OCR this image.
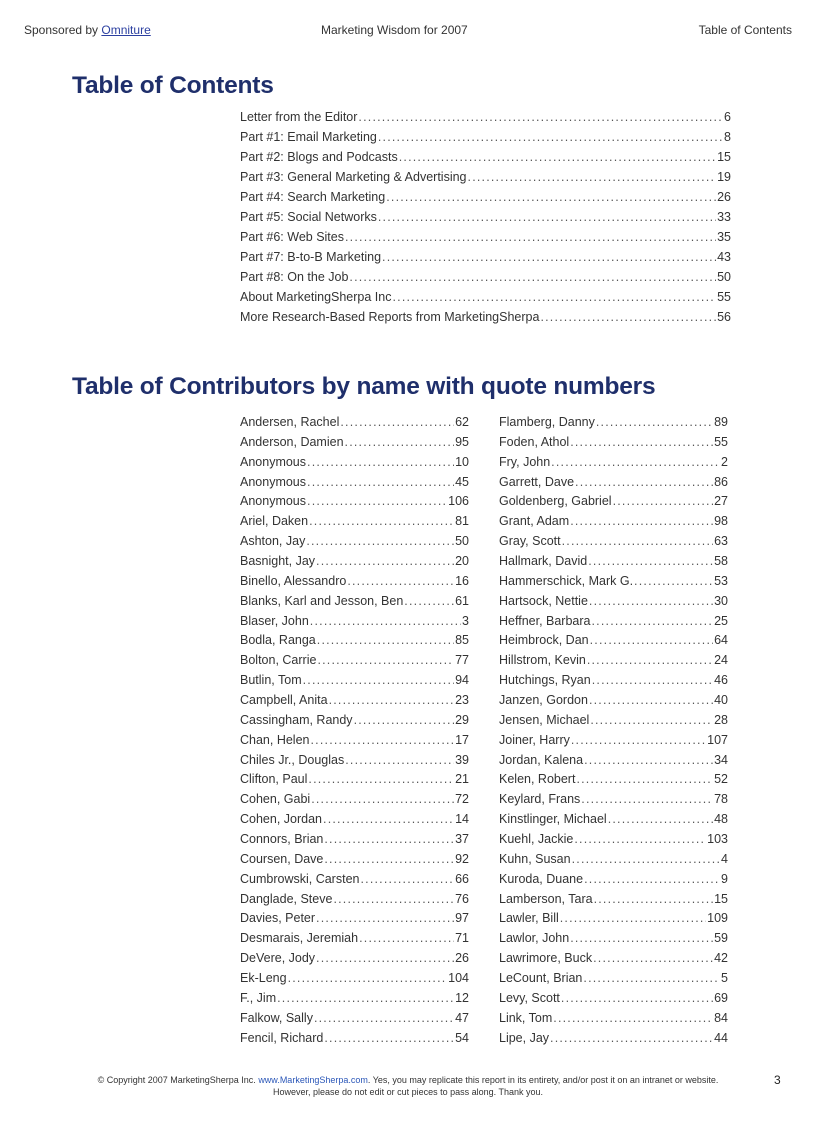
Sponsored by Omniture	Marketing Wisdom for 2007	Table of Contents
Table of Contents
Letter from the Editor .....	6
Part #1: Email Marketing .....	8
Part #2: Blogs and Podcasts .....	15
Part #3: General Marketing & Advertising .....	19
Part #4: Search Marketing .....	26
Part #5: Social Networks .....	33
Part #6: Web Sites .....	35
Part #7: B-to-B Marketing .....	43
Part #8: On the Job .....	50
About MarketingSherpa Inc .....	55
More Research-Based Reports from MarketingSherpa .....	56
Table of Contributors by name with quote numbers
Andersen, Rachel .....	62
Anderson, Damien .....	95
Anonymous .....	10
Anonymous .....	45
Anonymous .....	106
Ariel, Daken .....	81
Ashton, Jay .....	50
Basnight, Jay .....	20
Binello, Alessandro .....	16
Blanks, Karl and Jesson, Ben .....	61
Blaser, John .....	3
Bodla, Ranga .....	85
Bolton, Carrie .....	77
Butlin, Tom .....	94
Campbell, Anita .....	23
Cassingham, Randy .....	29
Chan, Helen .....	17
Chiles Jr., Douglas .....	39
Clifton, Paul .....	21
Cohen, Gabi .....	72
Cohen, Jordan .....	14
Connors, Brian .....	37
Coursen, Dave .....	92
Cumbrowski, Carsten .....	66
Danglade, Steve .....	76
Davies, Peter .....	97
Desmarais, Jeremiah .....	71
DeVere, Jody .....	26
Ek-Leng .....	104
F., Jim .....	12
Falkow, Sally .....	47
Fencil, Richard .....	54
Flamberg, Danny .....	89
Foden, Athol .....	55
Fry, John .....	2
Garrett, Dave .....	86
Goldenberg, Gabriel .....	27
Grant, Adam .....	98
Gray, Scott .....	63
Hallmark, David .....	58
Hammerschick, Mark G. .....	53
Hartsock, Nettie .....	30
Heffner, Barbara .....	25
Heimbrock, Dan .....	64
Hillstrom, Kevin .....	24
Hutchings, Ryan .....	46
Janzen, Gordon .....	40
Jensen, Michael .....	28
Joiner, Harry .....	107
Jordan, Kalena .....	34
Kelen, Robert .....	52
Keylard, Frans .....	78
Kinstlinger, Michael .....	48
Kuehl, Jackie .....	103
Kuhn, Susan .....	4
Kuroda, Duane .....	9
Lamberson, Tara .....	15
Lawler, Bill .....	109
Lawlor, John .....	59
Lawrimore, Buck .....	42
LeCount, Brian .....	5
Levy, Scott .....	69
Link, Tom .....	84
Lipe, Jay .....	44
© Copyright 2007 MarketingSherpa Inc. www.MarketingSherpa.com. Yes, you may replicate this report in its entirety, and/or post it on an intranet or website.
However, please do not edit or cut pieces to pass along. Thank you.
3
